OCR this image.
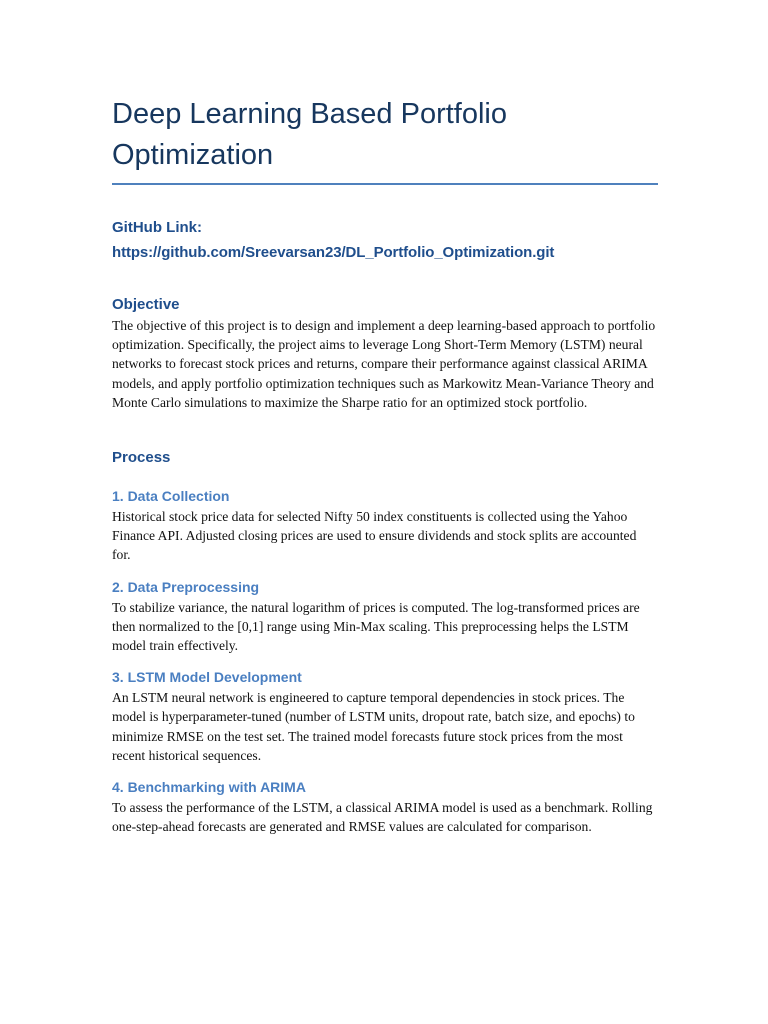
Deep Learning Based Portfolio Optimization
GitHub Link:
https://github.com/Sreevarsan23/DL_Portfolio_Optimization.git
Objective

The objective of this project is to design and implement a deep learning-based approach to portfolio optimization. Specifically, the project aims to leverage Long Short-Term Memory (LSTM) neural networks to forecast stock prices and returns, compare their performance against classical ARIMA models, and apply portfolio optimization techniques such as Markowitz Mean-Variance Theory and Monte Carlo simulations to maximize the Sharpe ratio for an optimized stock portfolio.

Process
1. Data Collection

Historical stock price data for selected Nifty 50 index constituents is collected using the Yahoo Finance API. Adjusted closing prices are used to ensure dividends and stock splits are accounted for.

2. Data Preprocessing

To stabilize variance, the natural logarithm of prices is computed. The log-transformed prices are then normalized to the [0,1] range using Min-Max scaling. This preprocessing helps the LSTM model train effectively.

3. LSTM Model Development

An LSTM neural network is engineered to capture temporal dependencies in stock prices. The model is hyperparameter-tuned (number of LSTM units, dropout rate, batch size, and epochs) to minimize RMSE on the test set. The trained model forecasts future stock prices from the most recent historical sequences.

4. Benchmarking with ARIMA

To assess the performance of the LSTM, a classical ARIMA model is used as a benchmark. Rolling one-step-ahead forecasts are generated and RMSE values are calculated for comparison.
